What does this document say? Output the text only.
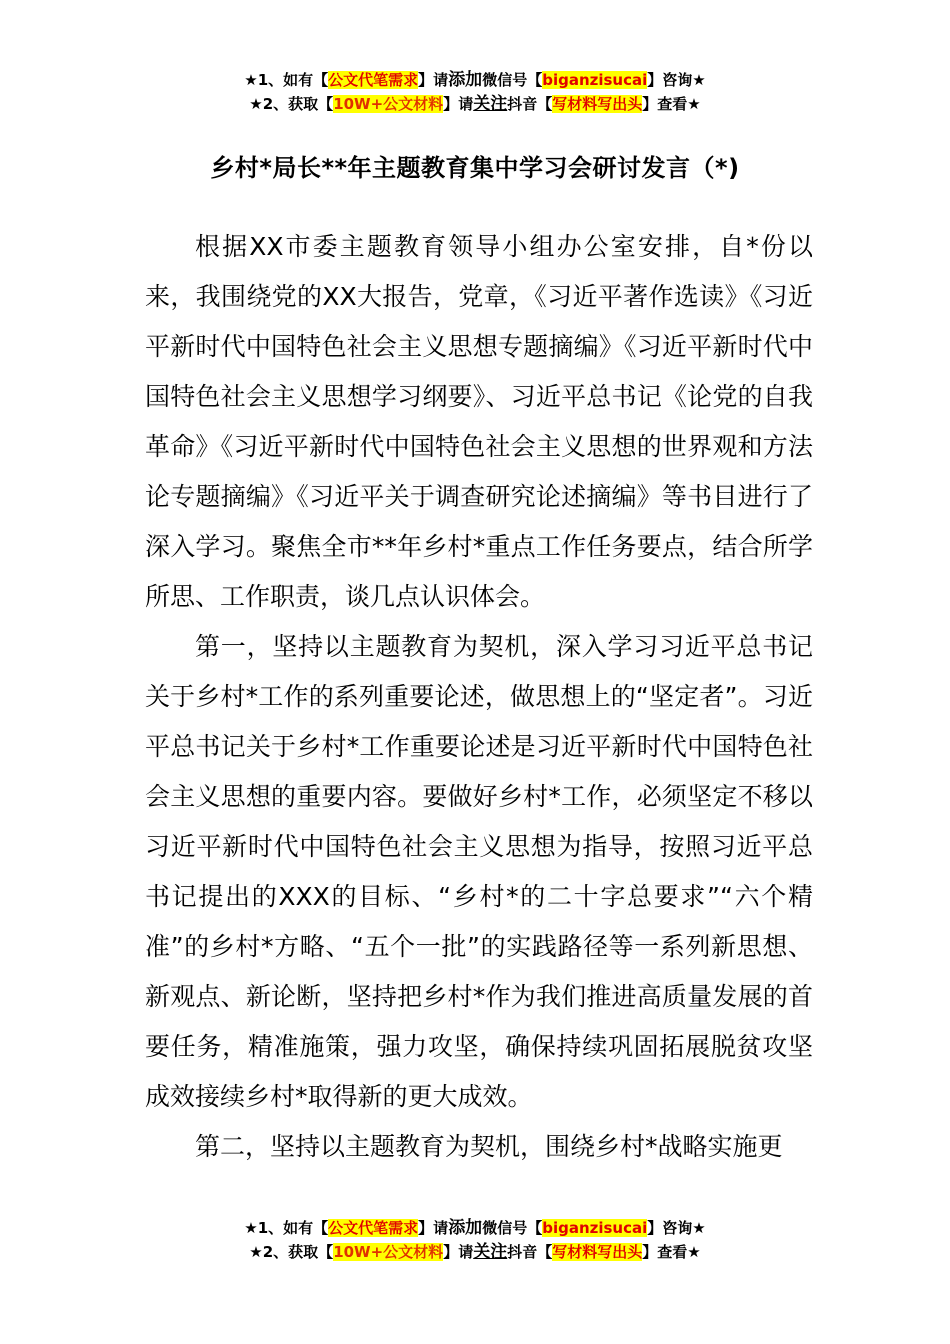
★1、如有【公文代笔需求】请添加微信号【biganzisucai】咨询★
★2、获取【10W+公文材料】请关注抖音【写材料写出头】查看★
乡村*局长**年主题教育集中学习会研讨发言（*)

根据XX市委主题教育领导小组办公室安排，自*份以来，我围绕党的XX大报告，党章，《习近平著作选读》《习近平新时代中国特色社会主义思想专题摘编》《习近平新时代中国特色社会主义思想学习纲要》、习近平总书记《论党的自我革命》《习近平新时代中国特色社会主义思想的世界观和方法论专题摘编》《习近平关于调查研究论述摘编》等书目进行了深入学习。聚焦全市**年乡村*重点工作任务要点，结合所学所思、工作职责，谈几点认识体会。

第一，坚持以主题教育为契机，深入学习习近平总书记关于乡村*工作的系列重要论述，做思想上的“坚定者”。习近平总书记关于乡村*工作重要论述是习近平新时代中国特色社会主义思想的重要内容。要做好乡村*工作，必须坚定不移以习近平新时代中国特色社会主义思想为指导，按照习近平总书记提出的XXX的目标、“乡村*的二十字总要求”“六个精准”的乡村*方略、“五个一批”的实践路径等一系列新思想、新观点、新论断，坚持把乡村*作为我们推进高质量发展的首要任务，精准施策，强力攻坚，确保持续巩固拓展脱贫攻坚成效接续乡村*取得新的更大成效。

第二，坚持以主题教育为契机，围绕乡村*战略实施更

★1、如有【公文代笔需求】请添加微信号【biganzisucai】咨询★
★2、获取【10W+公文材料】请关注抖音【写材料写出头】查看★
